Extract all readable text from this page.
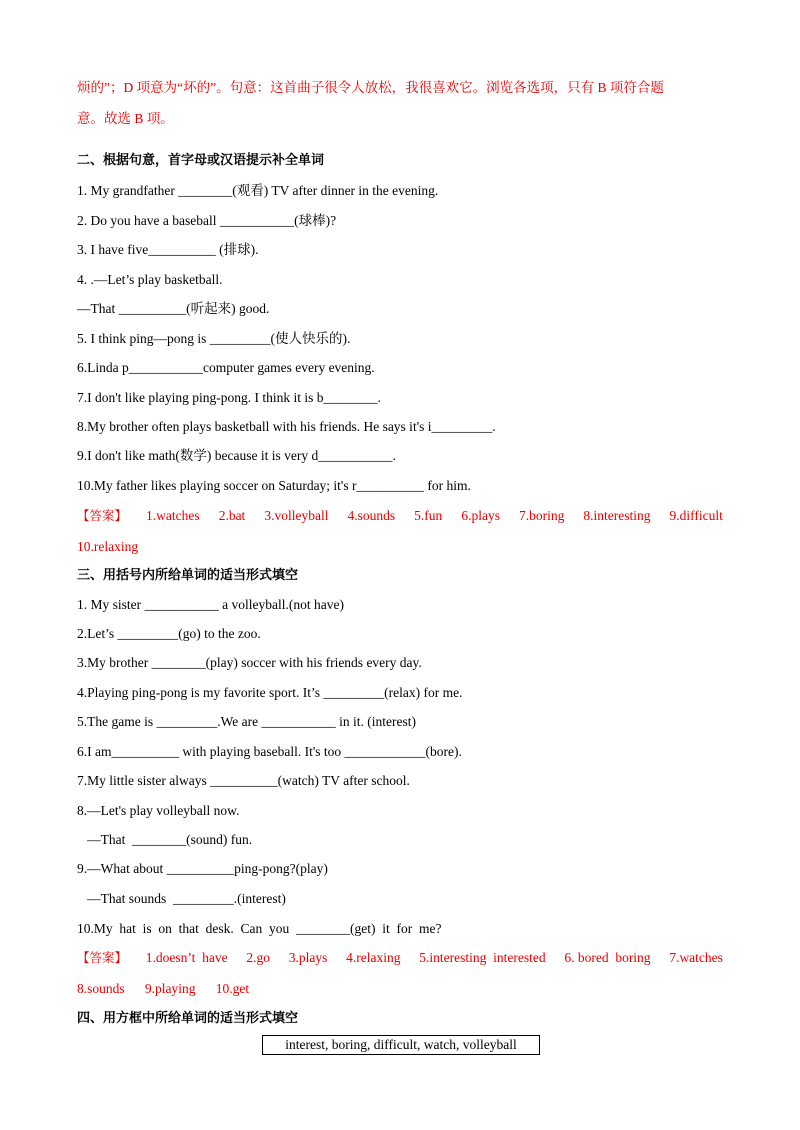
烦的”；D 项意为“坏的”。句意：这首曲子很令人放松，我很喜欢它。浏览各选项，只有 B 项符合题
意。故选 B 项。
二、根据句意，首字母或汉语提示补全单词
1. My grandfather ________(观看) TV after dinner in the evening.
2. Do you have a baseball ___________(球棒)?
3. I have five__________ (排球).
4. .—Let’s play basketball.
—That __________(听起来) good.
5. I think ping—pong is _________(使人快乐的).
6.Linda p___________computer games every evening.
7.I don't like playing ping-pong. I think it is b________.
8.My brother often plays basketball with his friends. He says it's i_________.
9.I don't like math(数学) because it is very d___________.
10.My father likes playing soccer on Saturday; it's r__________ for him.
【答案】 1.watches 2.bat 3.volleyball 4.sounds 5.fun 6.plays 7.boring 8.interesting 9.difficult
10.relaxing
三、用括号内所给单词的适当形式填空
1. My sister ___________ a volleyball.(not have)
2.Let’s _________(go) to the zoo.
3.My brother ________(play) soccer with his friends every day.
4.Playing ping-pong is my favorite sport. It’s _________(relax) for me.
5.The game is _________.We are ___________ in it. (interest)
6.I am__________ with playing baseball. It's too ____________(bore).
7.My little sister always __________(watch) TV after school.
8.—Let's play volleyball now.
—That  ________(sound) fun.
9.—What about __________ping-pong?(play)
—That sounds  _________.(interest)
10.My  hat  is  on  that  desk.  Can  you  ________(get)  it  for  me?
【答案】 1.doesn’t  have 2.go 3.plays 4.relaxing 5.interesting  interested 6. bored  boring 7.watches
8.sounds      9.playing      10.get
四、用方框中所给单词的适当形式填空
interest, boring, difficult, watch, volleyball
